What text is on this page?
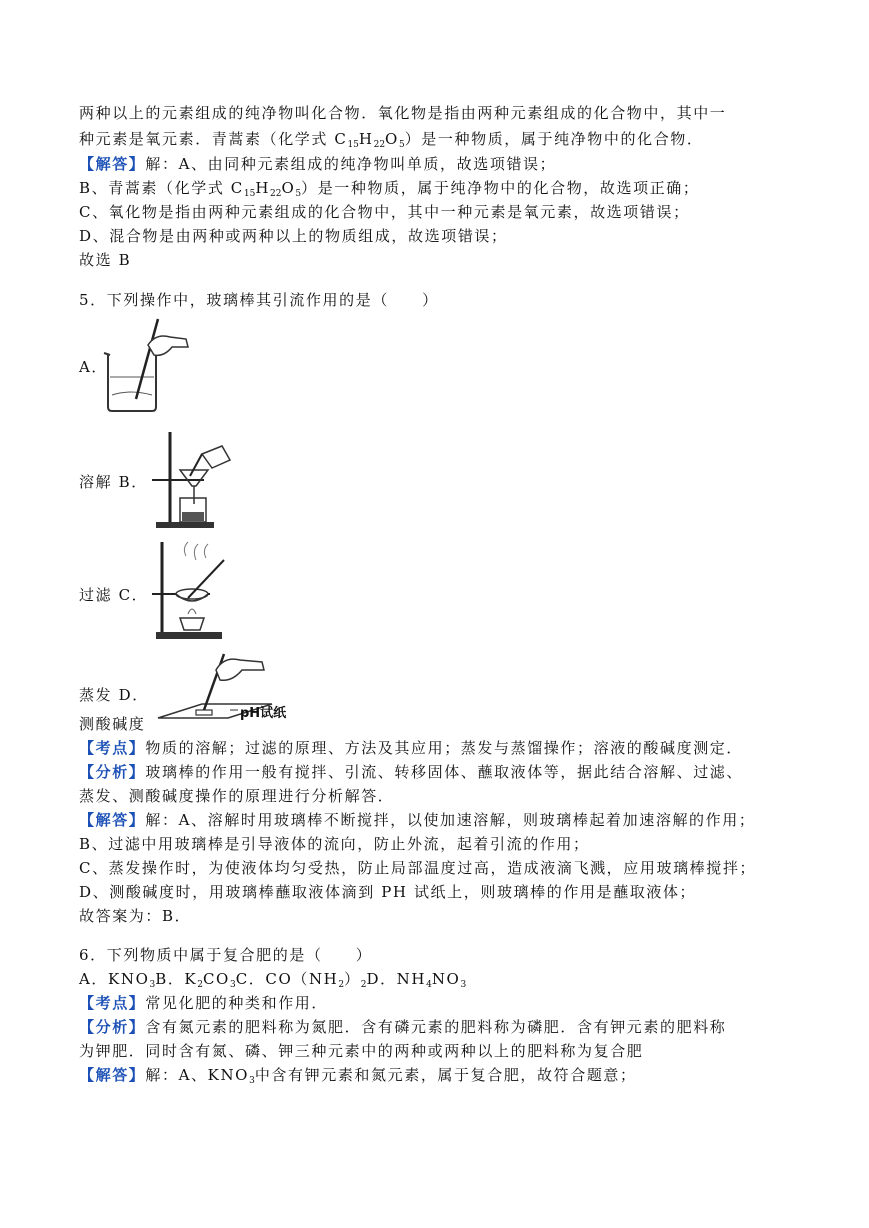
两种以上的元素组成的纯净物叫化合物．氧化物是指由两种元素组成的化合物中，其中一
种元素是氧元素．青蒿素（化学式 $C_{15}H_{22}O_5$）是一种物质，属于纯净物中的化合物．
【解答】解：A、由同种元素组成的纯净物叫单质，故选项错误；
B、青蒿素（化学式 $C_{15}H_{22}O_5$）是一种物质，属于纯净物中的化合物，故选项正确；
C、氧化物是指由两种元素组成的化合物中，其中一种元素是氧元素，故选项错误；
D、混合物是由两种或两种以上的物质组成，故选项错误；
故选 B
5．下列操作中，玻璃棒其引流作用的是（　　）
A．
溶解 B．
过滤 C．
蒸发 D．
pH试纸
测酸碱度
【考点】物质的溶解；过滤的原理、方法及其应用；蒸发与蒸馏操作；溶液的酸碱度测定．
【分析】玻璃棒的作用一般有搅拌、引流、转移固体、蘸取液体等，据此结合溶解、过滤、
蒸发、测酸碱度操作的原理进行分析解答．
【解答】解：A、溶解时用玻璃棒不断搅拌，以使加速溶解，则玻璃棒起着加速溶解的作用；
B、过滤中用玻璃棒是引导液体的流向，防止外流，起着引流的作用；
C、蒸发操作时，为使液体均匀受热，防止局部温度过高，造成液滴飞溅，应用玻璃棒搅拌；
D、测酸碱度时，用玻璃棒蘸取液体滴到 PH 试纸上，则玻璃棒的作用是蘸取液体；
故答案为：B．
6．下列物质中属于复合肥的是（　　）
A．$KNO_3B$．$K_2CO_3C$．$CO(NH_2)_2D$．$NH_4NO_3$
【考点】常见化肥的种类和作用．
【分析】含有氮元素的肥料称为氮肥．含有磷元素的肥料称为磷肥．含有钾元素的肥料称
为钾肥．同时含有氮、磷、钾三种元素中的两种或两种以上的肥料称为复合肥
【解答】解：A、$KNO_3$中含有钾元素和氮元素，属于复合肥，故符合题意；
